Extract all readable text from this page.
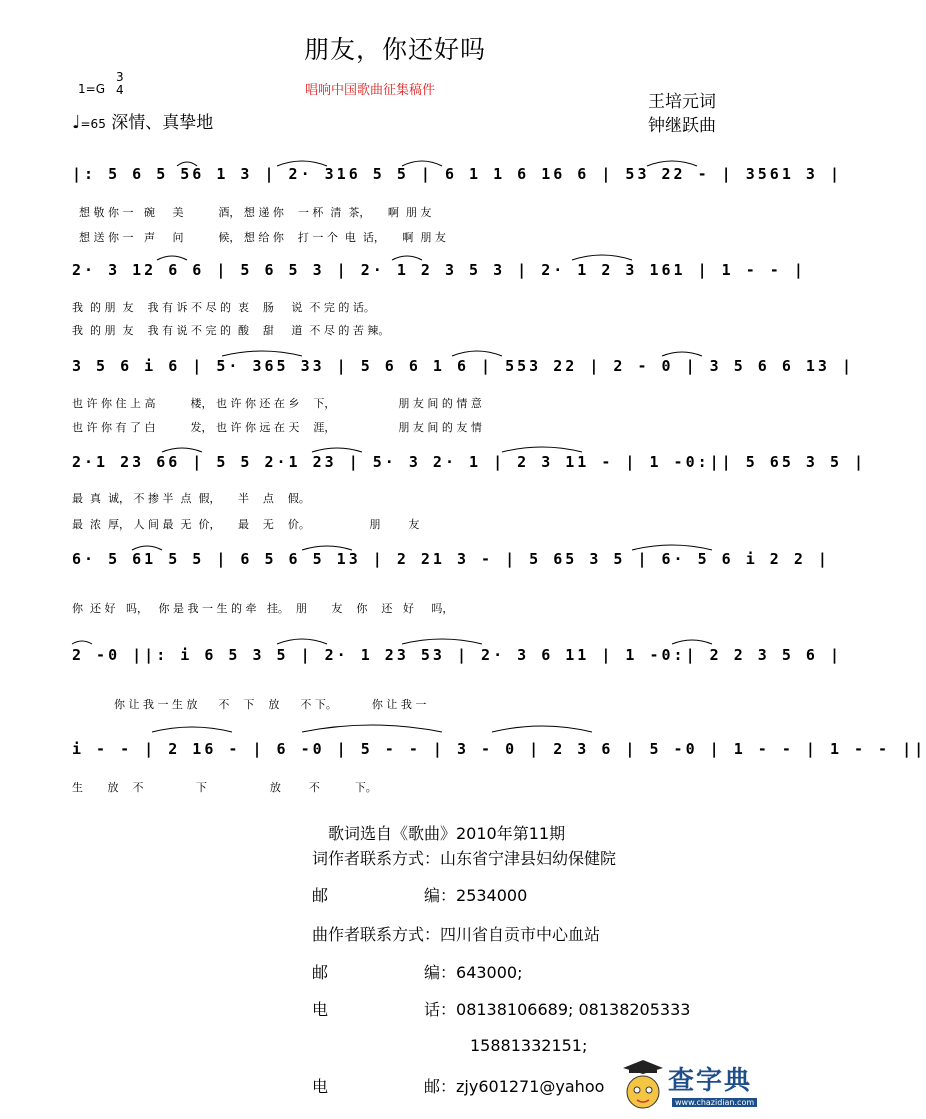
朋友，你还好吗
唱响中国歌曲征集稿件
1=G
3
4
♩=65 深情、真挚地
王培元词
钟继跃曲
|: 5 6 5 56 1 3 | 2· 316 5 5 | 6 1 1 6 16 6 | 53 22 - | 3561 3 |
想 敬 你 一   碗     美          酒， 想 递 你    一 杯  清  茶，     啊  朋 友
想 送 你 一   声     问          候， 想 给 你    打 一 个  电  话，     啊  朋 友
2· 3 12 6 6 | 5 6 5 3 | 2· 1 2 3 5 3 | 2· 1 2 3 161 | 1 - - |
我  的 朋  友    我 有 诉 不 尽 的  衷    肠     说  不 完 的 话。
我  的 朋  友    我 有 说 不 完 的  酸    甜     道  不 尽 的 苦 辣。
3 5 6 i 6 | 5· 365 33 | 5 6 6 1 6 | 553 22 | 2 - 0 | 3 5 6 6 13 |
也 许 你 住 上 高          楼， 也 许 你 还 在 乡    下，                  朋 友 间 的 情 意
也 许 你 有 了 白          发， 也 许 你 远 在 天    涯，                  朋 友 间 的 友 情
2·1 23 66 | 5 5 2·1 23 | 5· 3 2· 1 | 2 3 11 - | 1 -0:|| 5 65 3 5 |
最  真  诚， 不 掺 半  点  假，     半    点    假。
最  浓  厚， 人 间 最  无  价，     最    无    价。                 朋        友
6· 5 61 5 5 | 6 5 6 5 13 | 2 21 3 - | 5 65 3 5 | 6· 5 6 i 2 2 |
你  还 好   吗，   你 是 我 一 生 的 牵   挂。  朋       友    你    还   好     吗，
2 -0 ||: i 6 5 3 5 | 2· 1 23 53 | 2· 3 6 11 | 1 -0:| 2 2 3 5 6 |
你 让 我 一 生 放      不    下    放      不 下。          你 让 我 一
i - - | 2 16 - | 6 -0 | 5 - - | 3 - 0 | 2 3 6 | 5 -0 | 1 - - | 1 - - ||
生       放    不               下                  放        不          下。
歌词选自《歌曲》2010年第11期
词作者联系方式：山东省宁津县妇幼保健院
邮	编：2534000
曲作者联系方式：四川省自贡市中心血站
邮	编：643000;
电	话：08138106689; 08138205333
15881332151;
电	邮：zjy601271@yahoo 查字典
www.chazidian.com
